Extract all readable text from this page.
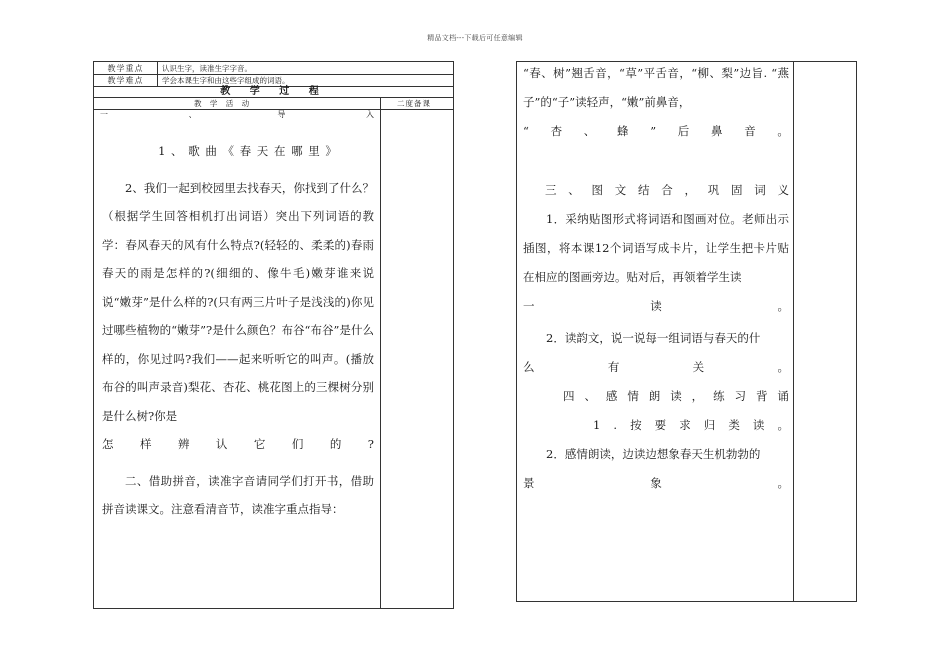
精品文档---下载后可任意编辑
教学重点	认识生字，读准生字字音。
教学难点	学会本课生字和由这些字组成的词语。
教 学 过 程
教 学 活 动	二度备课
一	、	导	入

1 、 歌 曲 《 春 天 在 哪 里 》

2、我们一起到校园里去找春天，你找到了什么？（根据学生回答相机打出词语）突出下列词语的教学：春风春天的风有什么特点?(轻轻的、柔柔的)春雨春天的雨是怎样的?(细细的、像牛毛)嫩芽谁来说说“嫩芽”是什么样的?(只有两三片叶子是浅浅的)你见过哪些植物的“嫩芽”?是什么颜色？布谷“布谷”是什么样的，你见过吗?我们——起来听听它的叫声。(播放布谷的叫声录音)梨花、杏花、桃花图上的三棵树分别是什么树?你是

怎 样 辨 认 它 们 的 ?

二、借助拼音，读准字音请同学们打开书，借助拼音读课文。注意看清音节，读准字重点指导：

“春、树”翘舌音，“草”平舌音，“柳、梨”边旨. “燕子”的“子”读轻声，“嫩”前鼻音，

“ 杏 、 蜂 ” 后 鼻 音 。

三 、 图 文 结 合 ， 巩 固 词 义

1．采纳贴图形式将词语和图画对位。老师出示插图，将本课12个词语写成卡片，让学生把卡片贴在相应的图画旁边。贴对后，再领着学生读

一	读	。

2．读韵文，说一说每一组词语与春天的什

么	有	关	。

四 、 感 情 朗 读 ， 练 习 背 诵

1 . 按 要 求 归 类 读 。

2．感情朗读，边读边想象春天生机勃勃的

景	象	。
